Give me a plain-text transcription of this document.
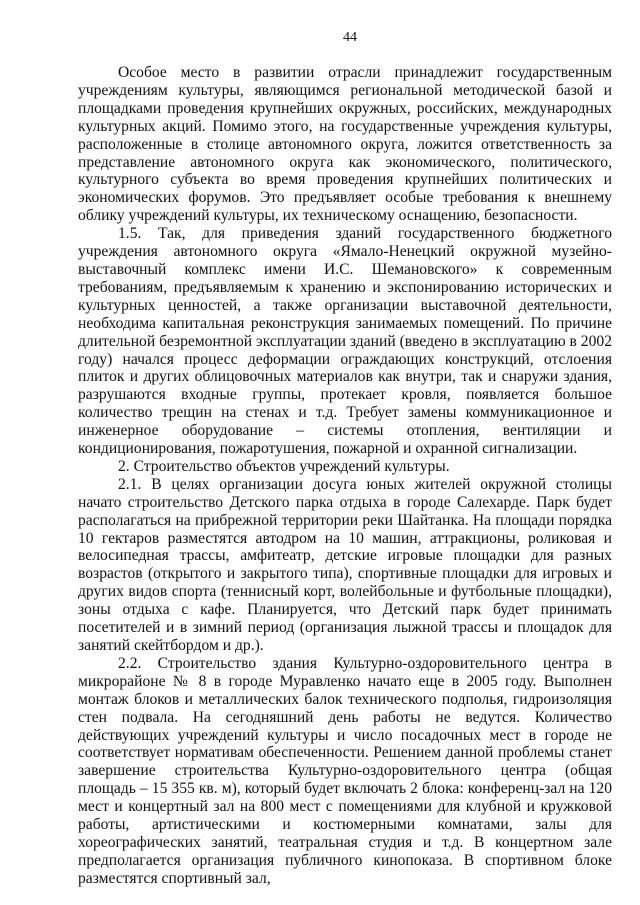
44

Особое место в развитии отрасли принадлежит государственным учреждениям культуры, являющимся региональной методической базой и площадками проведения крупнейших окружных, российских, международных культурных акций. Помимо этого, на государственные учреждения культуры, расположенные в столице автономного округа, ложится ответственность за представление автономного округа как экономического, политического, культурного субъекта во время проведения крупнейших политических и экономических форумов. Это предъявляет особые требования к внешнему облику учреждений культуры, их техническому оснащению, безопасности.

1.5. Так, для приведения зданий государственного бюджетного учреждения автономного округа «Ямало-Ненецкий окружной музейно-выставочный комплекс имени И.С. Шемановского» к современным требованиям, предъявляемым к хранению и экспонированию исторических и культурных ценностей, а также организации выставочной деятельности, необходима капитальная реконструкция занимаемых помещений. По причине длительной безремонтной эксплуатации зданий (введено в эксплуатацию в 2002 году) начался процесс деформации ограждающих конструкций, отслоения плиток и других облицовочных материалов как внутри, так и снаружи здания, разрушаются входные группы, протекает кровля, появляется большое количество трещин на стенах и т.д. Требует замены коммуникационное и инженерное оборудование – системы отопления, вентиляции и кондиционирования, пожаротушения, пожарной и охранной сигнализации.

2. Строительство объектов учреждений культуры.

2.1. В целях организации досуга юных жителей окружной столицы начато строительство Детского парка отдыха в городе Салехарде. Парк будет располагаться на прибрежной территории реки Шайтанка. На площади порядка 10 гектаров разместятся автодром на 10 машин, аттракционы, роликовая и велосипедная трассы, амфитеатр, детские игровые площадки для разных возрастов (открытого и закрытого типа), спортивные площадки для игровых и других видов спорта (теннисный корт, волейбольные и футбольные площадки), зоны отдыха с кафе. Планируется, что Детский парк будет принимать посетителей и в зимний период (организация лыжной трассы и площадок для занятий скейтбордом и др.).

2.2. Строительство здания Культурно-оздоровительного центра в микрорайоне № 8 в городе Муравленко начато еще в 2005 году. Выполнен монтаж блоков и металлических балок технического подполья, гидроизоляция стен подвала. На сегодняшний день работы не ведутся. Количество действующих учреждений культуры и число посадочных мест в городе не соответствует нормативам обеспеченности. Решением данной проблемы станет завершение строительства Культурно-оздоровительного центра (общая площадь – 15 355 кв. м), который будет включать 2 блока: конференц-зал на 120 мест и концертный зал на 800 мест с помещениями для клубной и кружковой работы, артистическими и костюмерными комнатами, залы для хореографических занятий, театральная студия и т.д. В концертном зале предполагается организация публичного кинопоказа. В спортивном блоке разместятся спортивный зал,
